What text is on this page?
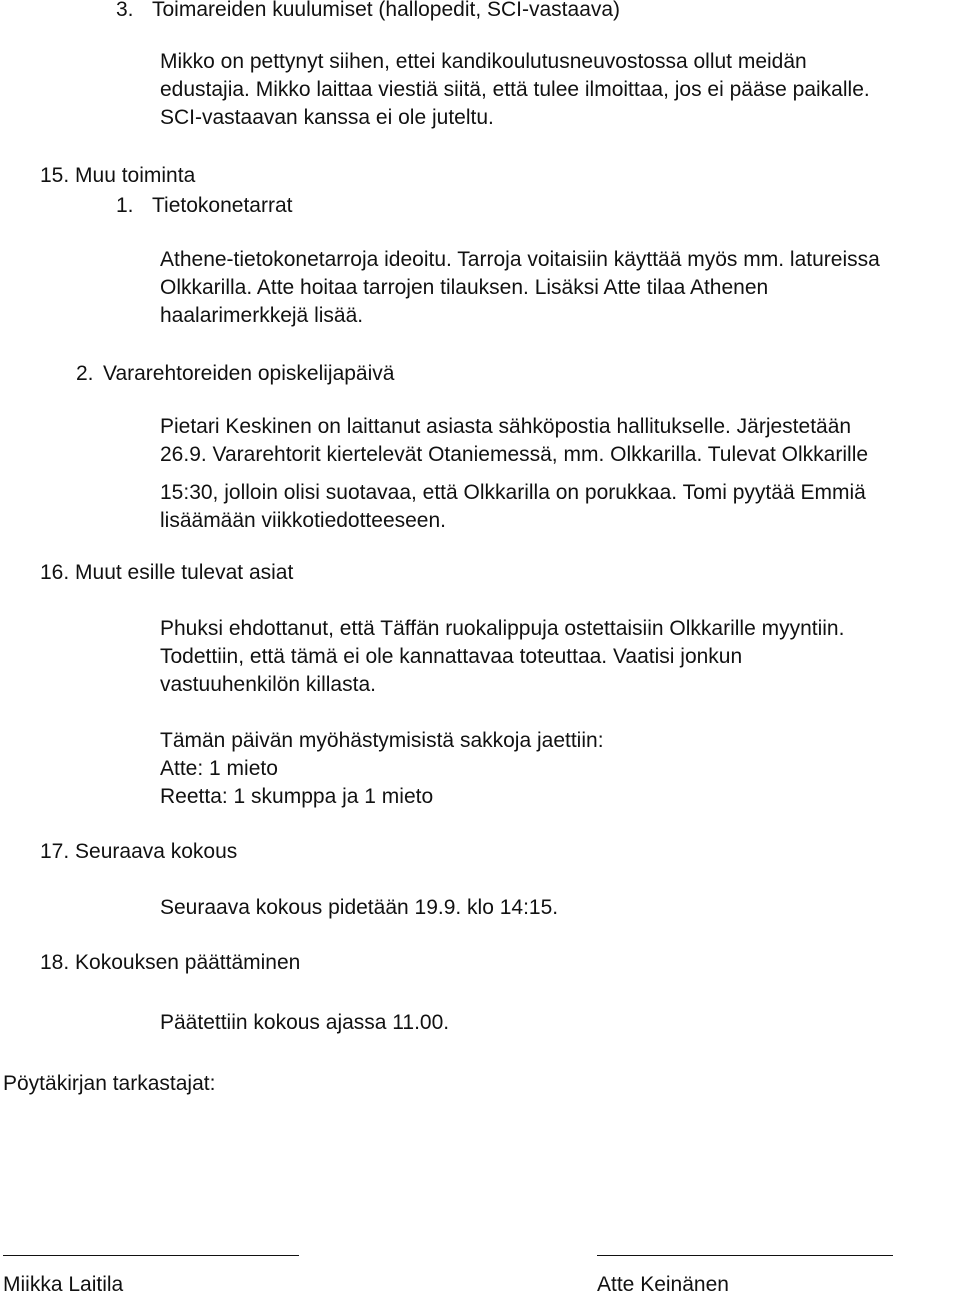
3. Toimareiden kuulumiset (hallopedit, SCI-vastaava)
Mikko on pettynyt siihen, ettei kandikoulutusneuvostossa ollut meidän
edustajia. Mikko laittaa viestiä siitä, että tulee ilmoittaa, jos ei pääse paikalle.
SCI-vastaavan kanssa ei ole juteltu.
15. Muu toiminta
1. Tietokonetarrat
Athene-tietokonetarroja ideoitu. Tarroja voitaisiin käyttää myös mm. latureissa
Olkkarilla. Atte hoitaa tarrojen tilauksen. Lisäksi Atte tilaa Athenen
haalarimerkkejä lisää.
2. Vararehtoreiden opiskelijapäivä
Pietari Keskinen on laittanut asiasta sähköpostia hallitukselle. Järjestetään
26.9. Vararehtorit kiertelevät Otaniemessä, mm. Olkkarilla. Tulevat Olkkarille
15:30, jolloin olisi suotavaa, että Olkkarilla on porukkaa. Tomi pyytää Emmiä
lisäämään viikkotiedotteeseen.
16. Muut esille tulevat asiat
Phuksi ehdottanut, että Täffän ruokalippuja ostettaisiin Olkkarille myyntiin.
Todettiin, että tämä ei ole kannattavaa toteuttaa. Vaatisi jonkun
vastuuhenkilön killasta.
Tämän päivän myöhästymisistä sakkoja jaettiin:
Atte: 1 mieto
Reetta: 1 skumppa ja 1 mieto
17. Seuraava kokous
Seuraava kokous pidetään 19.9. klo 14:15.
18. Kokouksen päättäminen
Päätettiin kokous ajassa 11.00.
Pöytäkirjan tarkastajat:
Miikka Laitila	Atte Keinänen
